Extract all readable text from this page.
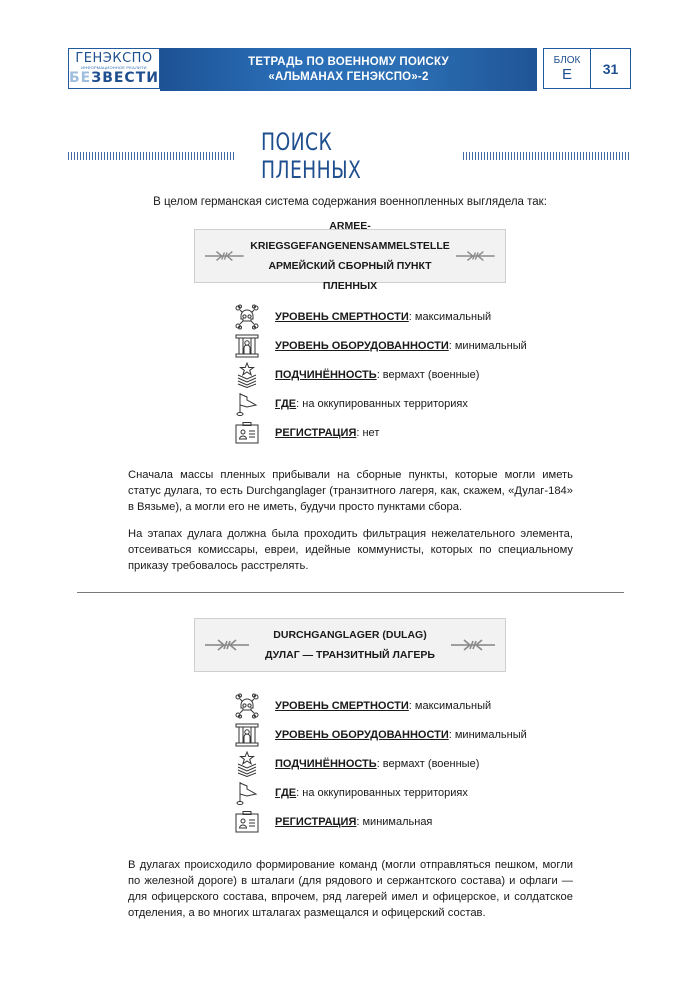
ГЕНЭКСПО
ИНФОРМАЦИОННОЕ РЕАЛИТИ
БЕЗВЕСТИ
ТЕТРАДЬ ПО ВОЕННОМУ ПОИСКУ
«АЛЬМАНАХ ГЕНЭКСПО»-2
БЛОК
Е	31
ПОИСК ПЛЕННЫХ
В целом германская система содержания военнопленных выглядела так:
ARMEE-KRIEGSGEFANGENENSAMMELSTELLE
АРМЕЙСКИЙ СБОРНЫЙ ПУНКТ ПЛЕННЫХ
УРОВЕНЬ СМЕРТНОСТИ: максимальный
УРОВЕНЬ ОБОРУДОВАННОСТИ: минимальный
ПОДЧИНЁННОСТЬ: вермахт (военные)
ГДЕ: на оккупированных территориях
РЕГИСТРАЦИЯ: нет
Сначала массы пленных прибывали на сборные пункты, которые могли иметь статус дулага, то есть Durchganglager (транзитного лагеря, как, скажем, «Дулаг-184» в Вязьме), а могли его не иметь, будучи просто пунктами сбора.
На этапах дулага должна была проходить фильтрация нежелательного элемента, отсеиваться комиссары, евреи, идейные коммунисты, которых по специальному приказу требовалось расстрелять.
DURCHGANGLAGER (DULAG)
ДУЛАГ — ТРАНЗИТНЫЙ ЛАГЕРЬ
УРОВЕНЬ СМЕРТНОСТИ: максимальный
УРОВЕНЬ ОБОРУДОВАННОСТИ: минимальный
ПОДЧИНЁННОСТЬ: вермахт (военные)
ГДЕ: на оккупированных территориях
РЕГИСТРАЦИЯ: минимальная
В дулагах происходило формирование команд (могли отправляться пешком, могли по железной дороге) в шталаги (для рядового и сержантского состава) и офлаги — для офицерского состава, впрочем, ряд лагерей имел и офицерское, и солдатское отделения, а во многих шталагах размещался и офицерский состав.
